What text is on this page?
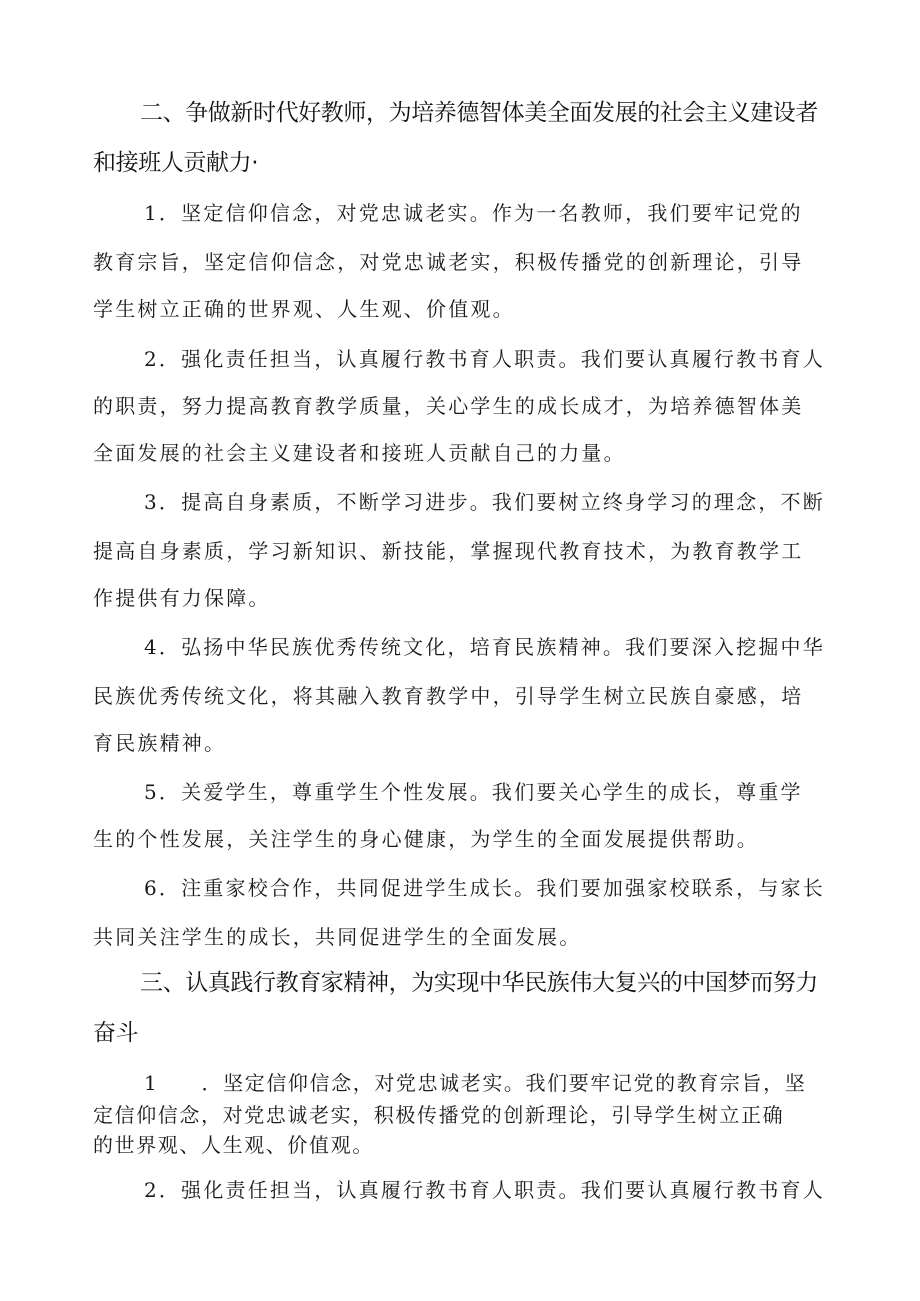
二、争做新时代好教师，为培养德智体美全面发展的社会主义建设者
和接班人贡献力·
1．坚定信仰信念，对党忠诚老实。作为一名教师，我们要牢记党的
教育宗旨，坚定信仰信念，对党忠诚老实，积极传播党的创新理论，引导
学生树立正确的世界观、人生观、价值观。
2．强化责任担当，认真履行教书育人职责。我们要认真履行教书育人
的职责，努力提高教育教学质量，关心学生的成长成才，为培养德智体美
全面发展的社会主义建设者和接班人贡献自己的力量。
3．提高自身素质，不断学习进步。我们要树立终身学习的理念，不断
提高自身素质，学习新知识、新技能，掌握现代教育技术，为教育教学工
作提供有力保障。
4．弘扬中华民族优秀传统文化，培育民族精神。我们要深入挖掘中华
民族优秀传统文化，将其融入教育教学中，引导学生树立民族自豪感，培
育民族精神。
5．关爱学生，尊重学生个性发展。我们要关心学生的成长，尊重学
生的个性发展，关注学生的身心健康，为学生的全面发展提供帮助。
6．注重家校合作，共同促进学生成长。我们要加强家校联系，与家长
共同关注学生的成长，共同促进学生的全面发展。
三、认真践行教育家精神，为实现中华民族伟大复兴的中国梦而努力
奋斗
1　　．坚定信仰信念，对党忠诚老实。我们要牢记党的教育宗旨，坚
定信仰信念，对党忠诚老实，积极传播党的创新理论，引导学生树立正确
的世界观、人生观、价值观。
2．强化责任担当，认真履行教书育人职责。我们要认真履行教书育人
